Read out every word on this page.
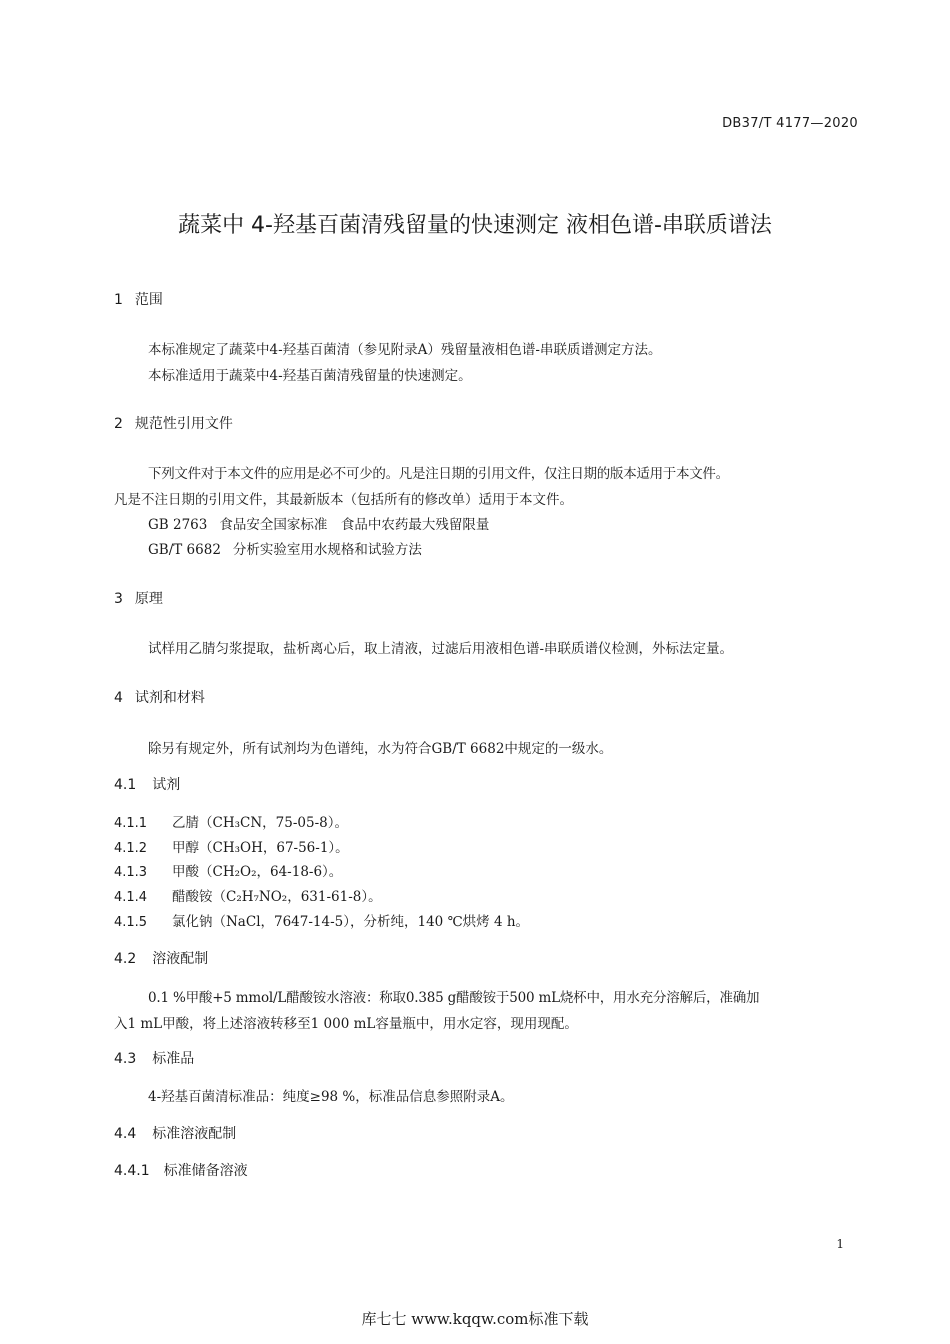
DB37/T 4177—2020
蔬菜中 4-羟基百菌清残留量的快速测定 液相色谱-串联质谱法
1 范围
本标准规定了蔬菜中4-羟基百菌清（参见附录A）残留量液相色谱-串联质谱测定方法。
本标准适用于蔬菜中4-羟基百菌清残留量的快速测定。
2 规范性引用文件
下列文件对于本文件的应用是必不可少的。凡是注日期的引用文件，仅注日期的版本适用于本文件。
凡是不注日期的引用文件，其最新版本（包括所有的修改单）适用于本文件。
GB 2763 食品安全国家标准　食品中农药最大残留限量
GB/T 6682 分析实验室用水规格和试验方法
3 原理
试样用乙腈匀浆提取，盐析离心后，取上清液，过滤后用液相色谱-串联质谱仪检测，外标法定量。
4 试剂和材料
除另有规定外，所有试剂均为色谱纯，水为符合GB/T 6682中规定的一级水。
4.1 试剂
4.1.1 乙腈（CH₃CN，75-05-8）。
4.1.2 甲醇（CH₃OH，67-56-1）。
4.1.3 甲酸（CH₂O₂，64-18-6）。
4.1.4 醋酸铵（C₂H₇NO₂，631-61-8）。
4.1.5 氯化钠（NaCl，7647-14-5），分析纯，140 ℃烘烤 4 h。
4.2 溶液配制
0.1 %甲酸+5 mmol/L醋酸铵水溶液：称取0.385 g醋酸铵于500 mL烧杯中，用水充分溶解后，准确加
入1 mL甲酸，将上述溶液转移至1 000 mL容量瓶中，用水定容，现用现配。
4.3 标准品
4-羟基百菌清标准品：纯度≥98 %，标准品信息参照附录A。
4.4 标准溶液配制
4.4.1 标准储备溶液
1
库七七 www.kqqw.com标准下载
